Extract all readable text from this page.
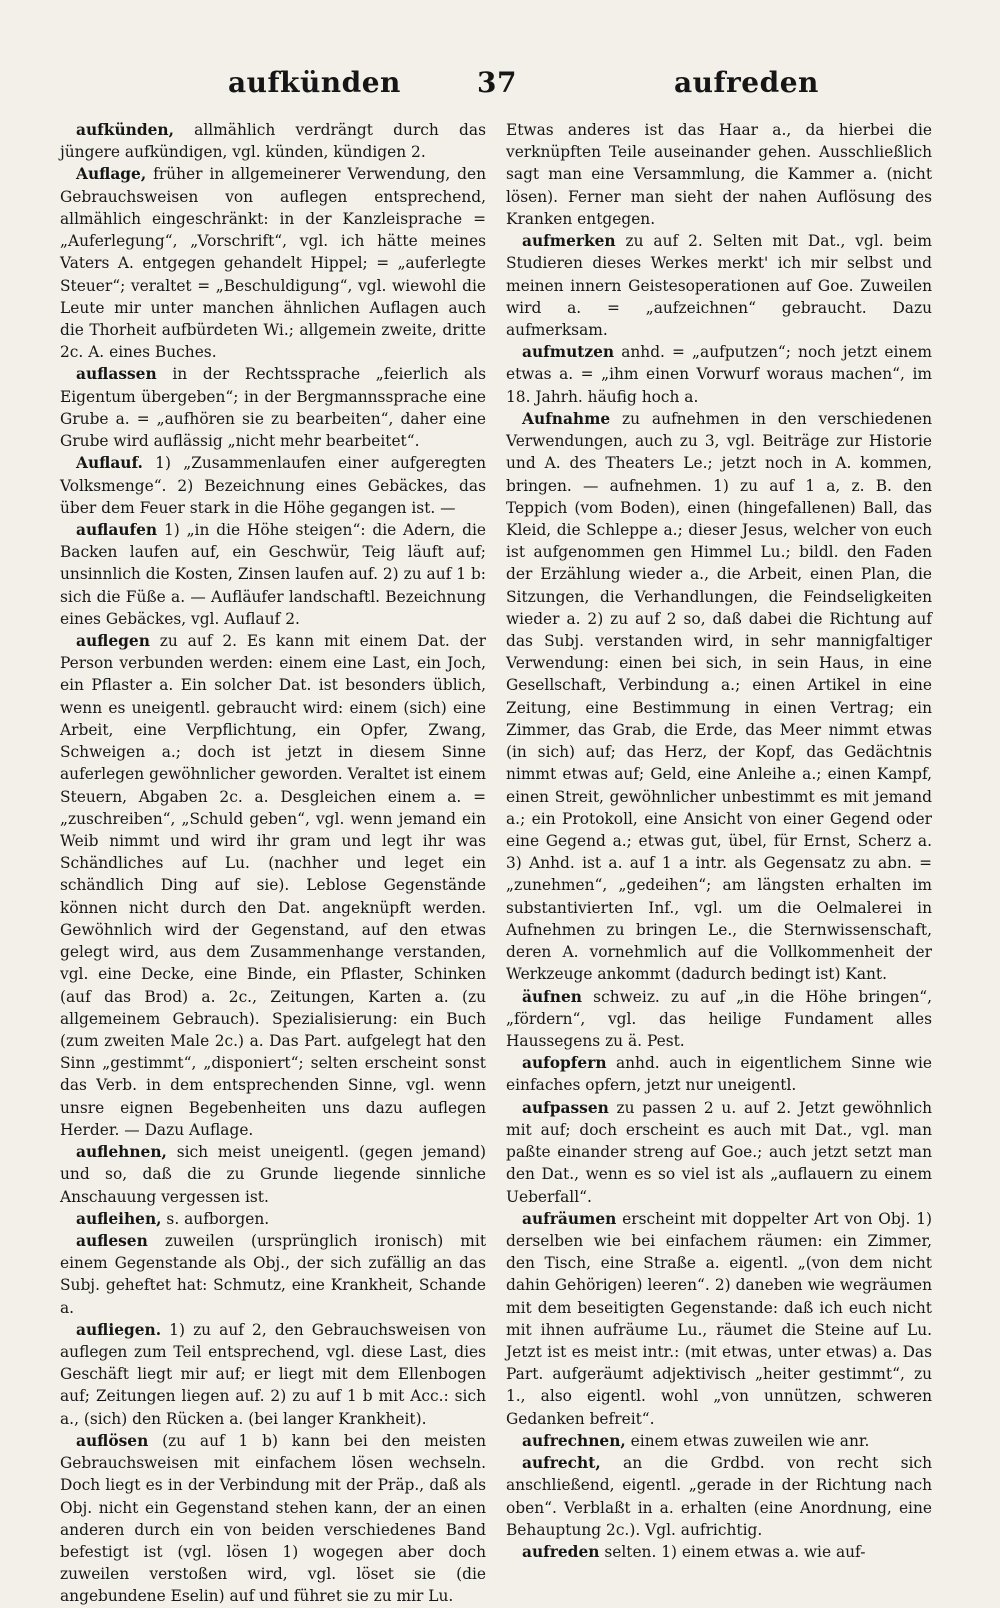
aufkünden	37	aufreden

aufkünden, allmählich verdrängt durch das jüngere aufkündigen, vgl. künden, kündigen 2.

Auflage, früher in allgemeinerer Verwendung, den Gebrauchsweisen von auflegen entsprechend, allmählich eingeschränkt: in der Kanzleisprache = „Auferlegung“, „Vorschrift“, vgl. ich hätte meines Vaters A. entgegen gehandelt Hippel; = „auferlegte Steuer“; veraltet = „Beschuldigung“, vgl. wiewohl die Leute mir unter manchen ähnlichen Auflagen auch die Thorheit aufbürdeten Wi.; allgemein zweite, dritte 2c. A. eines Buches.

auflassen in der Rechtssprache „feierlich als Eigentum übergeben“; in der Bergmannssprache eine Grube a. = „aufhören sie zu bearbeiten“, daher eine Grube wird auflässig „nicht mehr bearbeitet“.

Auflauf. 1) „Zusammenlaufen einer aufgeregten Volksmenge“. 2) Bezeichnung eines Gebäckes, das über dem Feuer stark in die Höhe gegangen ist. —

auflaufen 1) „in die Höhe steigen“: die Adern, die Backen laufen auf, ein Geschwür, Teig läuft auf; unsinnlich die Kosten, Zinsen laufen auf. 2) zu auf 1 b: sich die Füße a. — Aufläufer landschaftl. Bezeichnung eines Gebäckes, vgl. Auflauf 2.

auflegen zu auf 2. Es kann mit einem Dat. der Person verbunden werden: einem eine Last, ein Joch, ein Pflaster a. Ein solcher Dat. ist besonders üblich, wenn es uneigentl. gebraucht wird: einem (sich) eine Arbeit, eine Verpflichtung, ein Opfer, Zwang, Schweigen a.; doch ist jetzt in diesem Sinne auferlegen gewöhnlicher geworden. Veraltet ist einem Steuern, Abgaben 2c. a. Desgleichen einem a. = „zuschreiben“, „Schuld geben“, vgl. wenn jemand ein Weib nimmt und wird ihr gram und legt ihr was Schändliches auf Lu. (nachher und leget ein schändlich Ding auf sie). Leblose Gegenstände können nicht durch den Dat. angeknüpft werden. Gewöhnlich wird der Gegenstand, auf den etwas gelegt wird, aus dem Zusammenhange verstanden, vgl. eine Decke, eine Binde, ein Pflaster, Schinken (auf das Brod) a. 2c., Zeitungen, Karten a. (zu allgemeinem Gebrauch). Spezialisierung: ein Buch (zum zweiten Male 2c.) a. Das Part. aufgelegt hat den Sinn „gestimmt“, „disponiert“; selten erscheint sonst das Verb. in dem entsprechenden Sinne, vgl. wenn unsre eignen Begebenheiten uns dazu auflegen Herder. — Dazu Auflage.

auflehnen, sich meist uneigentl. (gegen jemand) und so, daß die zu Grunde liegende sinnliche Anschauung vergessen ist.

aufleihen, s. aufborgen.

auflesen zuweilen (ursprünglich ironisch) mit einem Gegenstande als Obj., der sich zufällig an das Subj. geheftet hat: Schmutz, eine Krankheit, Schande a.

aufliegen. 1) zu auf 2, den Gebrauchsweisen von auflegen zum Teil entsprechend, vgl. diese Last, dies Geschäft liegt mir auf; er liegt mit dem Ellenbogen auf; Zeitungen liegen auf. 2) zu auf 1 b mit Acc.: sich a., (sich) den Rücken a. (bei langer Krankheit).

auflösen (zu auf 1 b) kann bei den meisten Gebrauchsweisen mit einfachem lösen wechseln. Doch liegt es in der Verbindung mit der Präp., daß als Obj. nicht ein Gegenstand stehen kann, der an einen anderen durch ein von beiden verschiedenes Band befestigt ist (vgl. lösen 1) wogegen aber doch zuweilen verstoßen wird, vgl. löset sie (die angebundene Eselin) auf und führet sie zu mir Lu.

Etwas anderes ist das Haar a., da hierbei die verknüpften Teile auseinander gehen. Ausschließlich sagt man eine Versammlung, die Kammer a. (nicht lösen). Ferner man sieht der nahen Auflösung des Kranken entgegen.

aufmerken zu auf 2. Selten mit Dat., vgl. beim Studieren dieses Werkes merkt' ich mir selbst und meinen innern Geistesoperationen auf Goe. Zuweilen wird a. = „aufzeichnen“ gebraucht. Dazu aufmerksam.

aufmutzen anhd. = „aufputzen“; noch jetzt einem etwas a. = „ihm einen Vorwurf woraus machen“, im 18. Jahrh. häufig hoch a.

Aufnahme zu aufnehmen in den verschiedenen Verwendungen, auch zu 3, vgl. Beiträge zur Historie und A. des Theaters Le.; jetzt noch in A. kommen, bringen. — aufnehmen. 1) zu auf 1 a, z. B. den Teppich (vom Boden), einen (hingefallenen) Ball, das Kleid, die Schleppe a.; dieser Jesus, welcher von euch ist aufgenommen gen Himmel Lu.; bildl. den Faden der Erzählung wieder a., die Arbeit, einen Plan, die Sitzungen, die Verhandlungen, die Feindseligkeiten wieder a. 2) zu auf 2 so, daß dabei die Richtung auf das Subj. verstanden wird, in sehr mannigfaltiger Verwendung: einen bei sich, in sein Haus, in eine Gesellschaft, Verbindung a.; einen Artikel in eine Zeitung, eine Bestimmung in einen Vertrag; ein Zimmer, das Grab, die Erde, das Meer nimmt etwas (in sich) auf; das Herz, der Kopf, das Gedächtnis nimmt etwas auf; Geld, eine Anleihe a.; einen Kampf, einen Streit, gewöhnlicher unbestimmt es mit jemand a.; ein Protokoll, eine Ansicht von einer Gegend oder eine Gegend a.; etwas gut, übel, für Ernst, Scherz a. 3) Anhd. ist a. auf 1 a intr. als Gegensatz zu abn. = „zunehmen“, „gedeihen“; am längsten erhalten im substantivierten Inf., vgl. um die Oelmalerei in Aufnehmen zu bringen Le., die Sternwissenschaft, deren A. vornehmlich auf die Vollkommenheit der Werkzeuge ankommt (dadurch bedingt ist) Kant.

äufnen schweiz. zu auf „in die Höhe bringen“, „fördern“, vgl. das heilige Fundament alles Haussegens zu ä. Pest.

aufopfern anhd. auch in eigentlichem Sinne wie einfaches opfern, jetzt nur uneigentl.

aufpassen zu passen 2 u. auf 2. Jetzt gewöhnlich mit auf; doch erscheint es auch mit Dat., vgl. man paßte einander streng auf Goe.; auch jetzt setzt man den Dat., wenn es so viel ist als „auflauern zu einem Ueberfall“.

aufräumen erscheint mit doppelter Art von Obj. 1) derselben wie bei einfachem räumen: ein Zimmer, den Tisch, eine Straße a. eigentl. „(von dem nicht dahin Gehörigen) leeren“. 2) daneben wie wegräumen mit dem beseitigten Gegenstande: daß ich euch nicht mit ihnen aufräume Lu., räumet die Steine auf Lu. Jetzt ist es meist intr.: (mit etwas, unter etwas) a. Das Part. aufgeräumt adjektivisch „heiter gestimmt“, zu 1., also eigentl. wohl „von unnützen, schweren Gedanken befreit“.

aufrechnen, einem etwas zuweilen wie anr.

aufrecht, an die Grdbd. von recht sich anschließend, eigentl. „gerade in der Richtung nach oben“. Verblaßt in a. erhalten (eine Anordnung, eine Behauptung 2c.). Vgl. aufrichtig.

aufreden selten. 1) einem etwas a. wie auf-
